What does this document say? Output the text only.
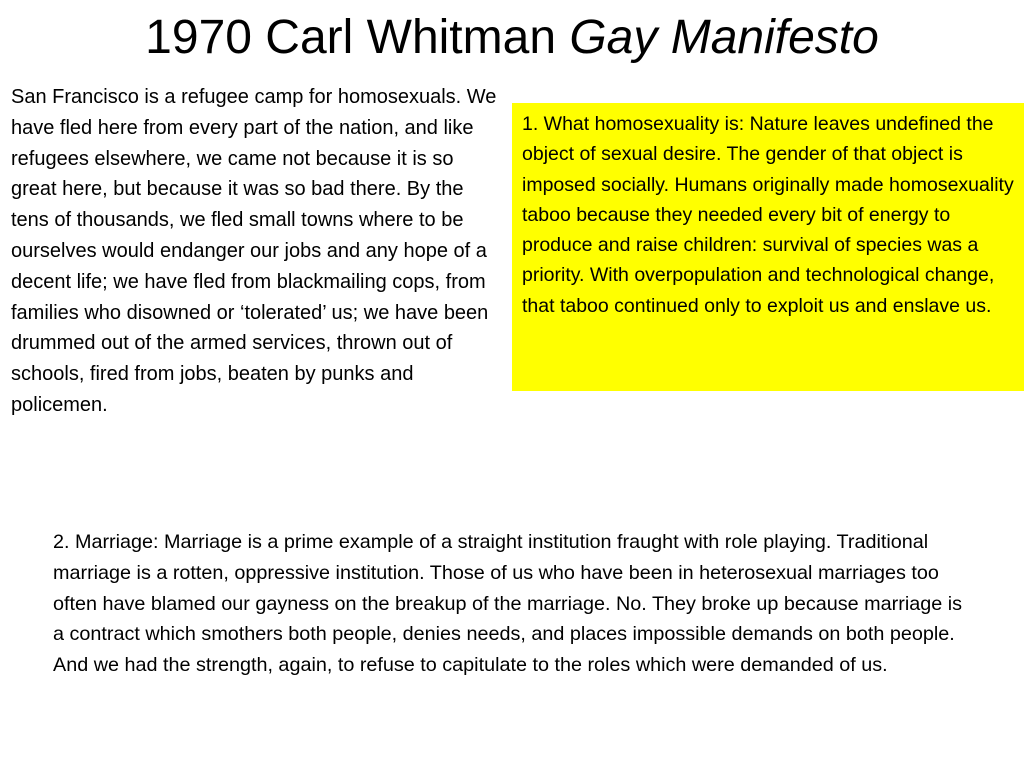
1970 Carl Whitman Gay Manifesto

San Francisco is a refugee camp for homosexuals. We have fled here from every part of the nation, and like refugees elsewhere, we came not because it is so great here, but because it was so bad there. By the tens of thousands, we fled small towns where to be ourselves would endanger our jobs and any hope of a decent life; we have fled from blackmailing cops, from families who disowned or ‘tolerated’ us; we have been drummed out of the armed services, thrown out of schools, fired from jobs, beaten by punks and policemen.

1. What homosexuality is: Nature leaves undefined the object of sexual desire. The gender of that object is imposed socially. Humans originally made homosexuality taboo because they needed every bit of energy to produce and raise children: survival of species was a priority. With overpopulation and technological change, that taboo continued only to exploit us and enslave us.

2. Marriage: Marriage is a prime example of a straight institution fraught with role playing. Traditional marriage is a rotten, oppressive institution. Those of us who have been in heterosexual marriages too often have blamed our gayness on the breakup of the marriage. No. They broke up because marriage is a contract which smothers both people, denies needs, and places impossible demands on both people. And we had the strength, again, to refuse to capitulate to the roles which were demanded of us.
